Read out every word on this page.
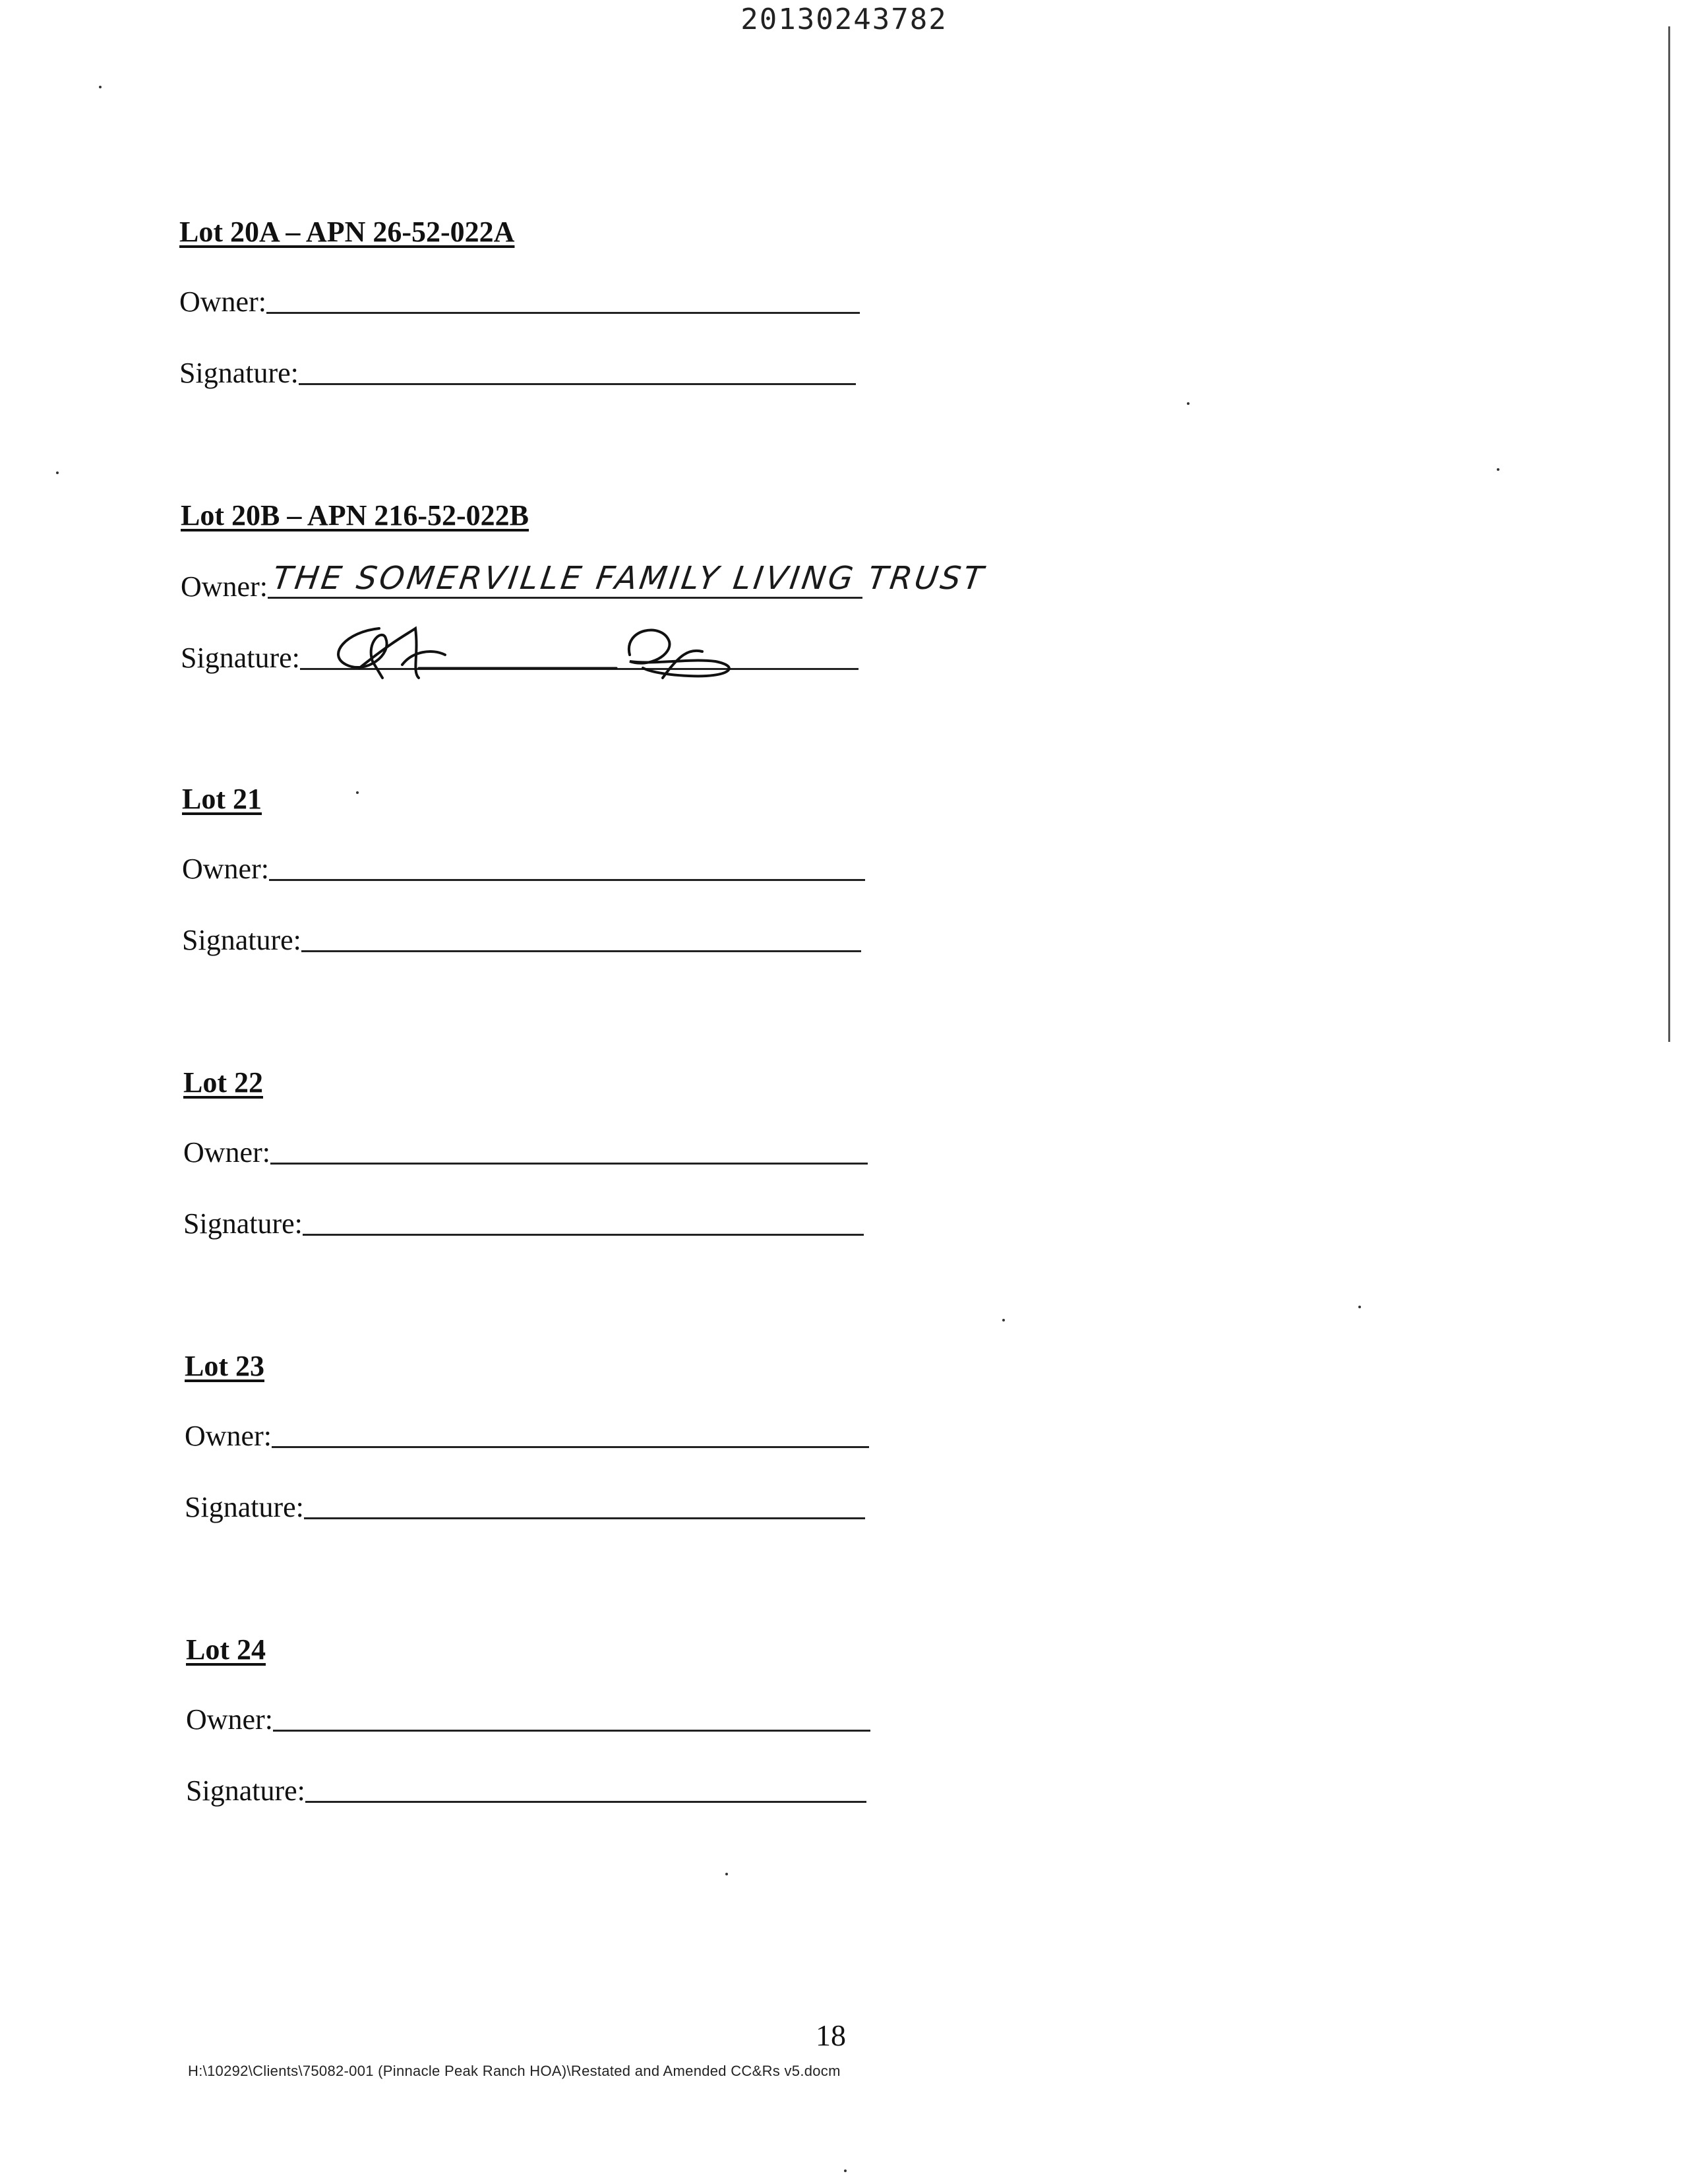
20130243782
Lot 20A – APN 26-52-022A
Owner:
Signature:
Lot 20B – APN 216-52-022B
Owner: THE SOMERVILLE FAMILY LIVING TRUST
Signature:
Lot 21
Owner:
Signature:
Lot 22
Owner:
Signature:
Lot 23
Owner:
Signature:
Lot 24
Owner:
Signature:
18
H:\10292\Clients\75082-001 (Pinnacle Peak Ranch HOA)\Restated and Amended CC&Rs v5.docm
